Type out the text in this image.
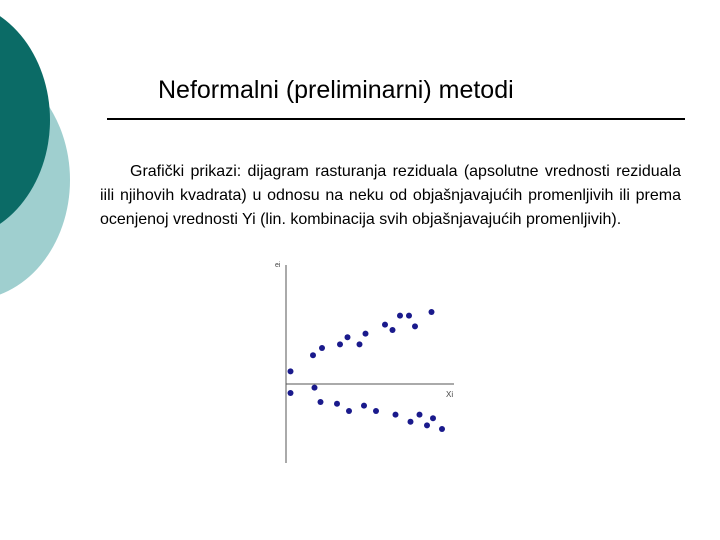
Neformalni (preliminarni) metodi

Grafički prikazi: dijagram rasturanja reziduala (apsolutne vrednosti reziduala iili njihovih kvadrata) u odnosu na neku od objašnjavajućih promenljivih ili prema ocenjenoj vrednosti Yi (lin. kombinacija svih objašnjavajućih promenljivih).

ei
Xi
